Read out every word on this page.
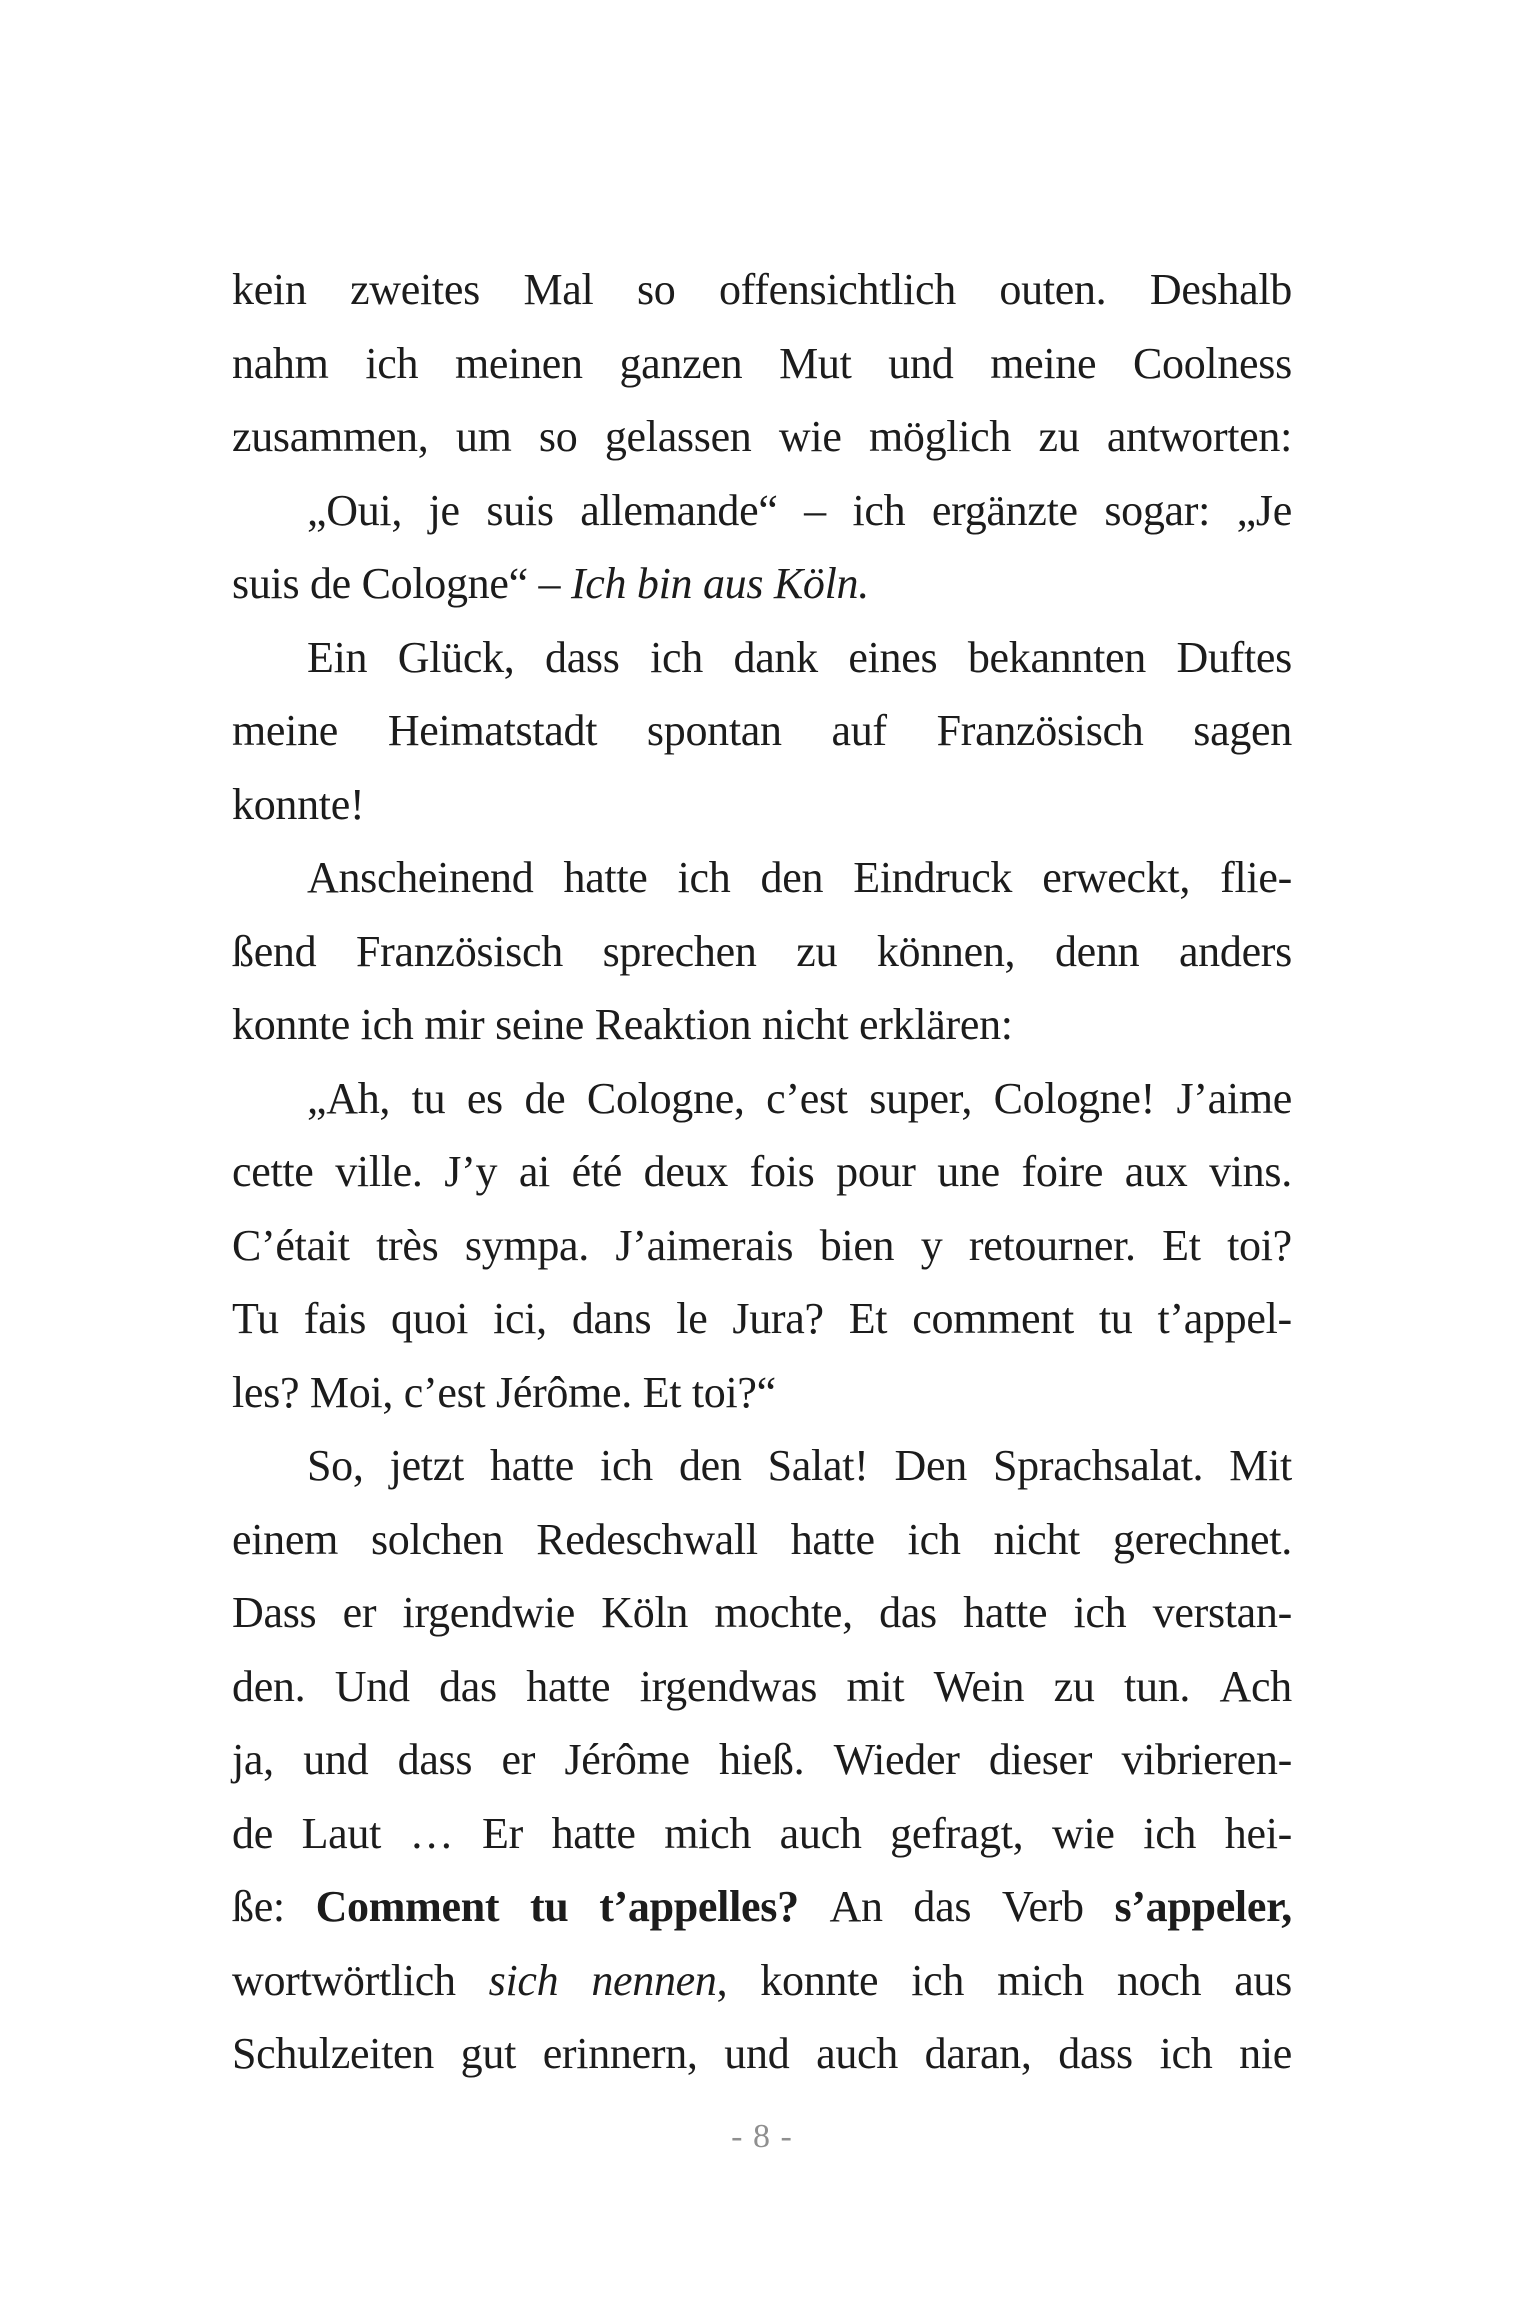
kein zweites Mal so offensichtlich outen. Deshalb
nahm ich meinen ganzen Mut und meine Coolness
zusammen, um so gelassen wie möglich zu antworten:
„Oui, je suis allemande“ – ich ergänzte sogar: „Je
suis de Cologne“ – Ich bin aus Köln.
Ein Glück, dass ich dank eines bekannten Duftes
meine Heimatstadt spontan auf Französisch sagen
konnte!
Anscheinend hatte ich den Eindruck erweckt, flie-
ßend Französisch sprechen zu können, denn anders
konnte ich mir seine Reaktion nicht erklären:
„Ah, tu es de Cologne, c’est super, Cologne! J’aime
cette ville. J’y ai été deux fois pour une foire aux vins.
C’était très sympa. J’aimerais bien y retourner. Et toi?
Tu fais quoi ici, dans le Jura? Et comment tu t’appel-
les? Moi, c’est Jérôme. Et toi?“
So, jetzt hatte ich den Salat! Den Sprachsalat. Mit
einem solchen Redeschwall hatte ich nicht gerechnet.
Dass er irgendwie Köln mochte, das hatte ich verstan-
den. Und das hatte irgendwas mit Wein zu tun. Ach
ja, und dass er Jérôme hieß. Wieder dieser vibrieren-
de Laut … Er hatte mich auch gefragt, wie ich hei-
ße: Comment tu t’appelles? An das Verb s’appeler,
wortwörtlich sich nennen, konnte ich mich noch aus
Schulzeiten gut erinnern, und auch daran, dass ich nie
- 8 -
